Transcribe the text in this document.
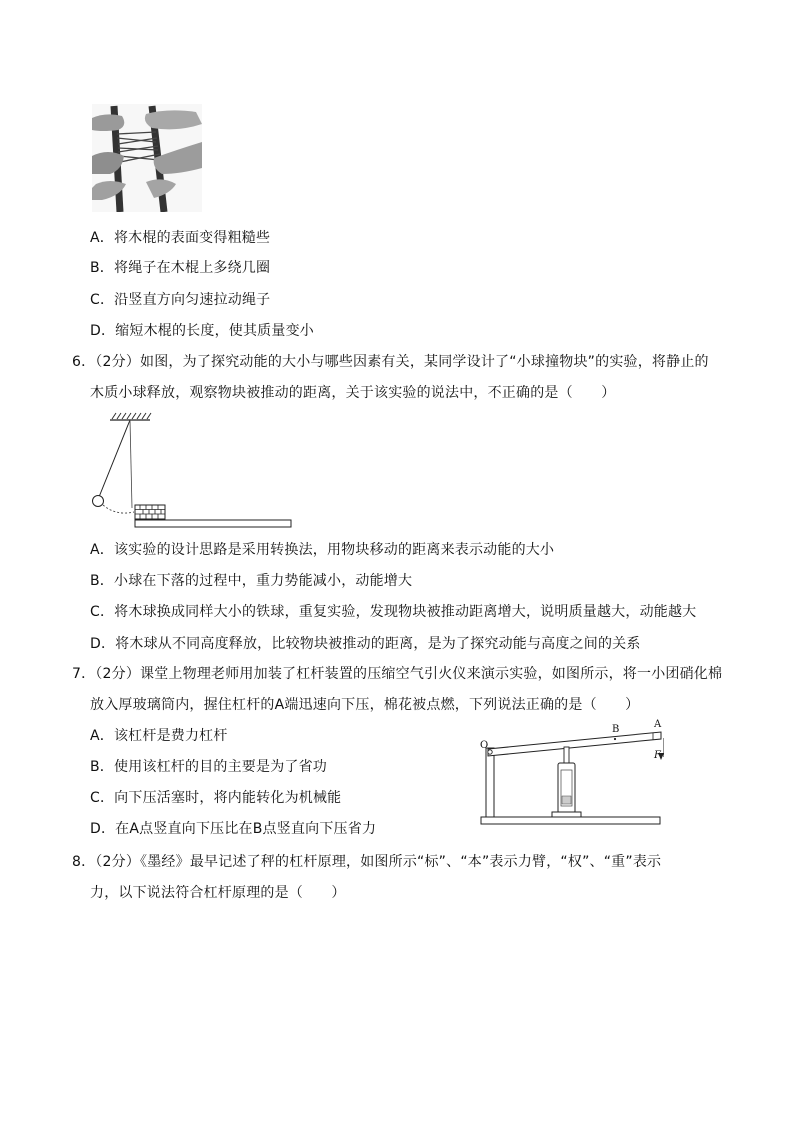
A．将木棍的表面变得粗糙些
B．将绳子在木棍上多绕几圈
C．沿竖直方向匀速拉动绳子
D．缩短木棍的长度，使其质量变小
6．（2分）如图，为了探究动能的大小与哪些因素有关，某同学设计了“小球撞物块”的实验，将静止的
木质小球释放，观察物块被推动的距离，关于该实验的说法中，不正确的是（　　）
A．该实验的设计思路是采用转换法，用物块移动的距离来表示动能的大小
B．小球在下落的过程中，重力势能减小，动能增大
C．将木球换成同样大小的铁球，重复实验，发现物块被推动距离增大，说明质量越大，动能越大
D．将木球从不同高度释放，比较物块被推动的距离，是为了探究动能与高度之间的关系
7．（2分）课堂上物理老师用加装了杠杆装置的压缩空气引火仪来演示实验，如图所示，将一小团硝化棉
放入厚玻璃筒内，握住杠杆的A端迅速向下压，棉花被点燃，下列说法正确的是（　　）
A．该杠杆是费力杠杆
B．使用该杠杆的目的主要是为了省功
C．向下压活塞时，将内能转化为机械能
D．在A点竖直向下压比在B点竖直向下压省力
O
B	A
F
8．（2分）《墨经》最早记述了秤的杠杆原理，如图所示“标”、“本”表示力臂，“权”、“重”表示
力，以下说法符合杠杆原理的是（　　）
